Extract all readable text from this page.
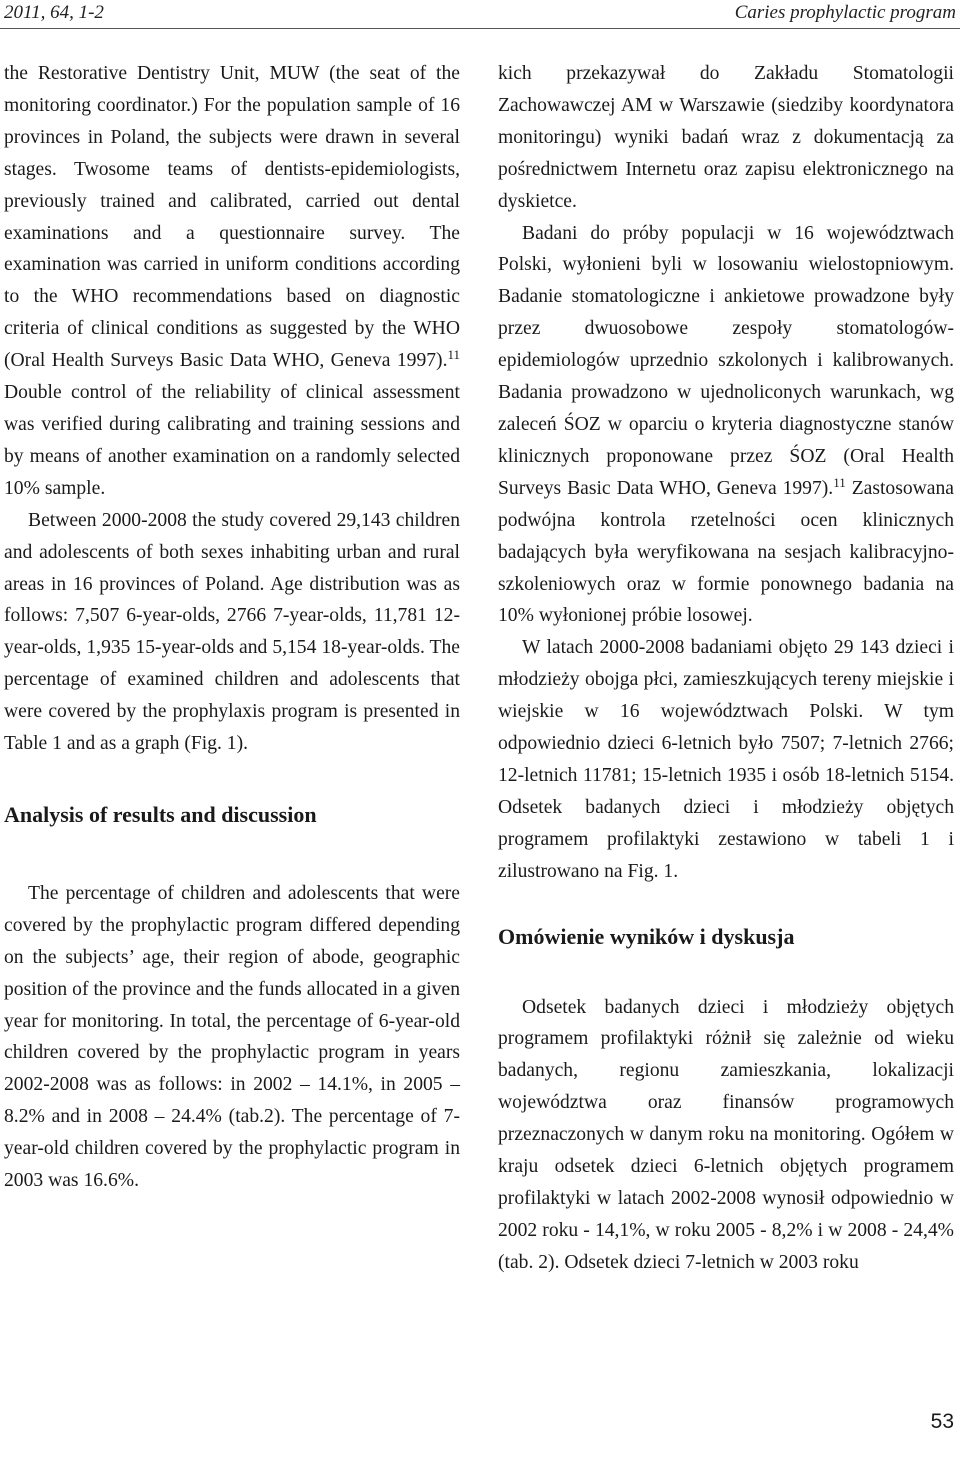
2011, 64, 1-2	Caries prophylactic program

the Restorative Dentistry Unit, MUW (the seat of the monitoring coordinator.) For the population sample of 16 provinces in Poland, the subjects were drawn in several stages. Twosome teams of dentists-epidemiologists, previously trained and calibrated, carried out dental examinations and a questionnaire survey. The examination was carried in uniform conditions according to the WHO recommendations based on diagnostic criteria of clinical conditions as suggested by the WHO (Oral Health Surveys Basic Data WHO, Geneva 1997).$^{11}$ Double control of the reliability of clinical assessment was verified during calibrating and training sessions and by means of another examination on a randomly selected 10% sample.

Between 2000-2008 the study covered 29,143 children and adolescents of both sexes inhabiting urban and rural areas in 16 provinces of Poland. Age distribution was as follows: 7,507 6-year-olds, 2766 7-year-olds, 11,781 12-year-olds, 1,935 15-year-olds and 5,154 18-year-olds. The percentage of examined children and adolescents that were covered by the prophylaxis program is presented in Table 1 and as a graph (Fig. 1).

Analysis of results and discussion

The percentage of children and adolescents that were covered by the prophylactic program differed depending on the subjects’ age, their region of abode, geographic position of the province and the funds allocated in a given year for monitoring. In total, the percentage of 6-year-old children covered by the prophylactic program in years 2002-2008 was as follows: in 2002 – 14.1%, in 2005 – 8.2% and in 2008 – 24.4% (tab.2). The percentage of 7-year-old children covered by the prophylactic program in 2003 was 16.6%.

kich przekazywał do Zakładu Stomatologii Zachowawczej AM w Warszawie (siedziby koordynatora monitoringu) wyniki badań wraz z dokumentacją za pośrednictwem Internetu oraz zapisu elektronicznego na dyskietce.

Badani do próby populacji w 16 województwach Polski, wyłonieni byli w losowaniu wielostopniowym. Badanie stomatologiczne i ankietowe prowadzone były przez dwuosobowe zespoły stomatologów-epidemiologów uprzednio szkolonych i kalibrowanych. Badania prowadzono w ujednoliconych warunkach, wg zaleceń ŚOZ w oparciu o kryteria diagnostyczne stanów klinicznych proponowane przez ŚOZ (Oral Health Surveys Basic Data WHO, Geneva 1997).$^{11}$ Zastosowana podwójna kontrola rzetelności ocen klinicznych badających była weryfikowana na sesjach kalibracyjno-szkoleniowych oraz w formie ponownego badania na 10% wyłonionej próbie losowej.

W latach 2000-2008 badaniami objęto 29 143 dzieci i młodzieży obojga płci, zamieszkujących tereny miejskie i wiejskie w 16 województwach Polski. W tym odpowiednio dzieci 6-letnich było 7507; 7-letnich 2766; 12-letnich 11781; 15-letnich 1935 i osób 18-letnich 5154. Odsetek badanych dzieci i młodzieży objętych programem profilaktyki zestawiono w tabeli 1 i zilustrowano na Fig. 1.

Omówienie wyników i dyskusja

Odsetek badanych dzieci i młodzieży objętych programem profilaktyki różnił się zależnie od wieku badanych, regionu zamieszkania, lokalizacji województwa oraz finansów programowych przeznaczonych w danym roku na monitoring. Ogółem w kraju odsetek dzieci 6-letnich objętych programem profilaktyki w latach 2002-2008 wynosił odpowiednio w 2002 roku - 14,1%, w roku 2005 - 8,2% i w 2008 - 24,4% (tab. 2). Odsetek dzieci 7-letnich w 2003 roku

53
